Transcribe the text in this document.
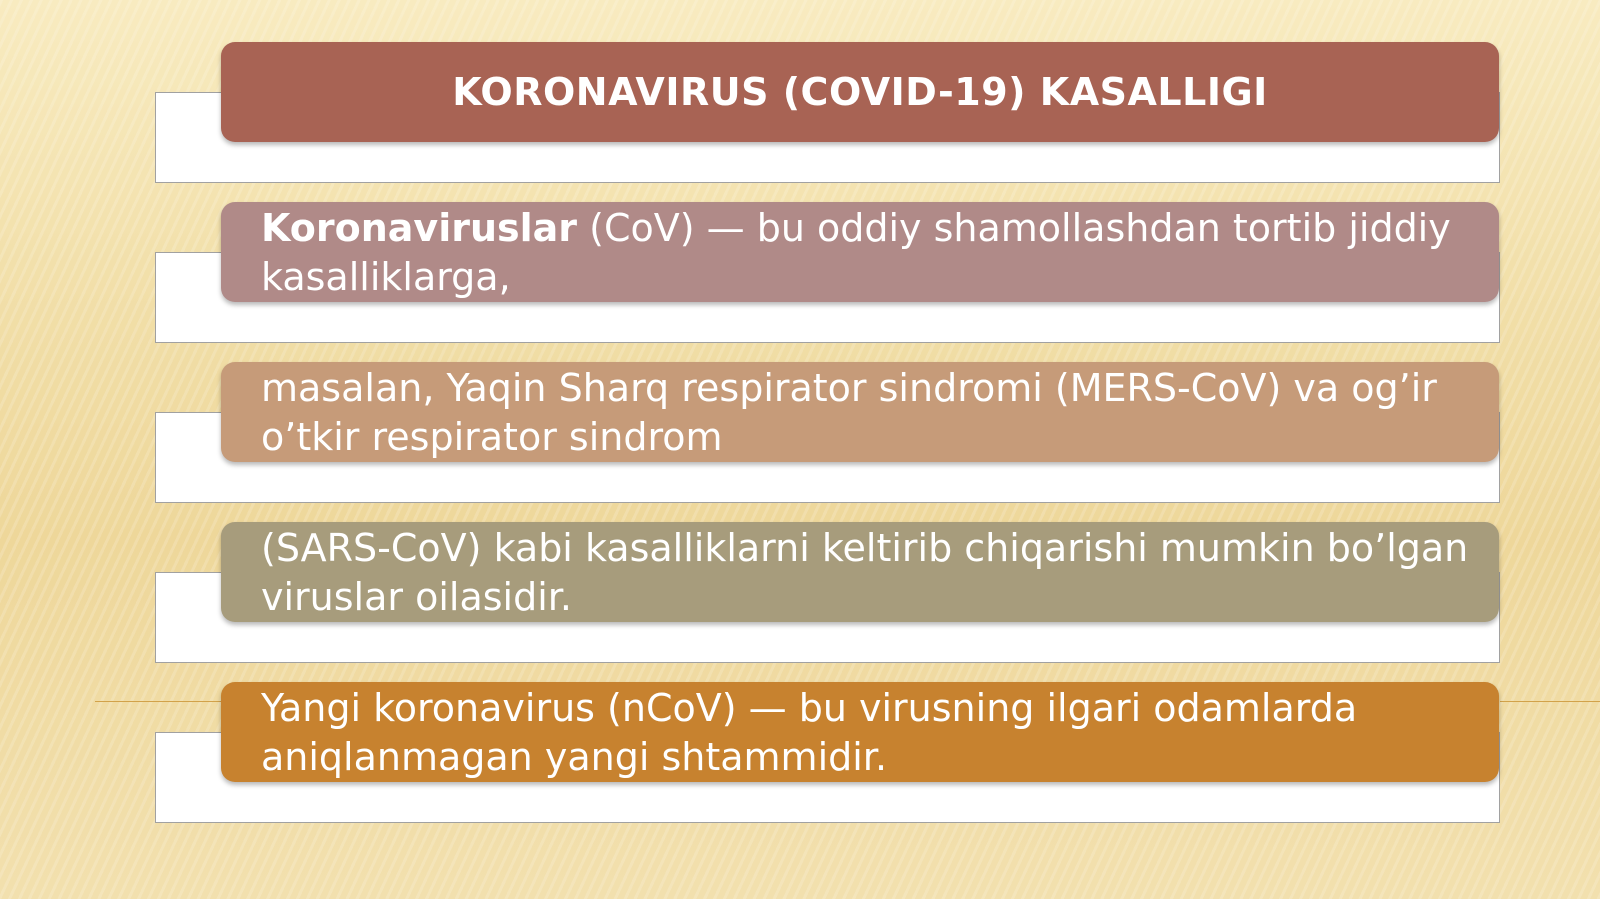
KORONAVIRUS (COVID-19) KASALLIGI
Koronaviruslar (CoV) — bu oddiy shamollashdan tortib jiddiy kasalliklarga,
masalan, Yaqin Sharq respirator sindromi (MERS-CoV) va og’ir o’tkir respirator sindrom
(SARS-CoV) kabi kasalliklarni keltirib chiqarishi mumkin bo’lgan viruslar oilasidir.
Yangi koronavirus (nCoV) — bu virusning ilgari odamlarda aniqlanmagan yangi shtammidir.
